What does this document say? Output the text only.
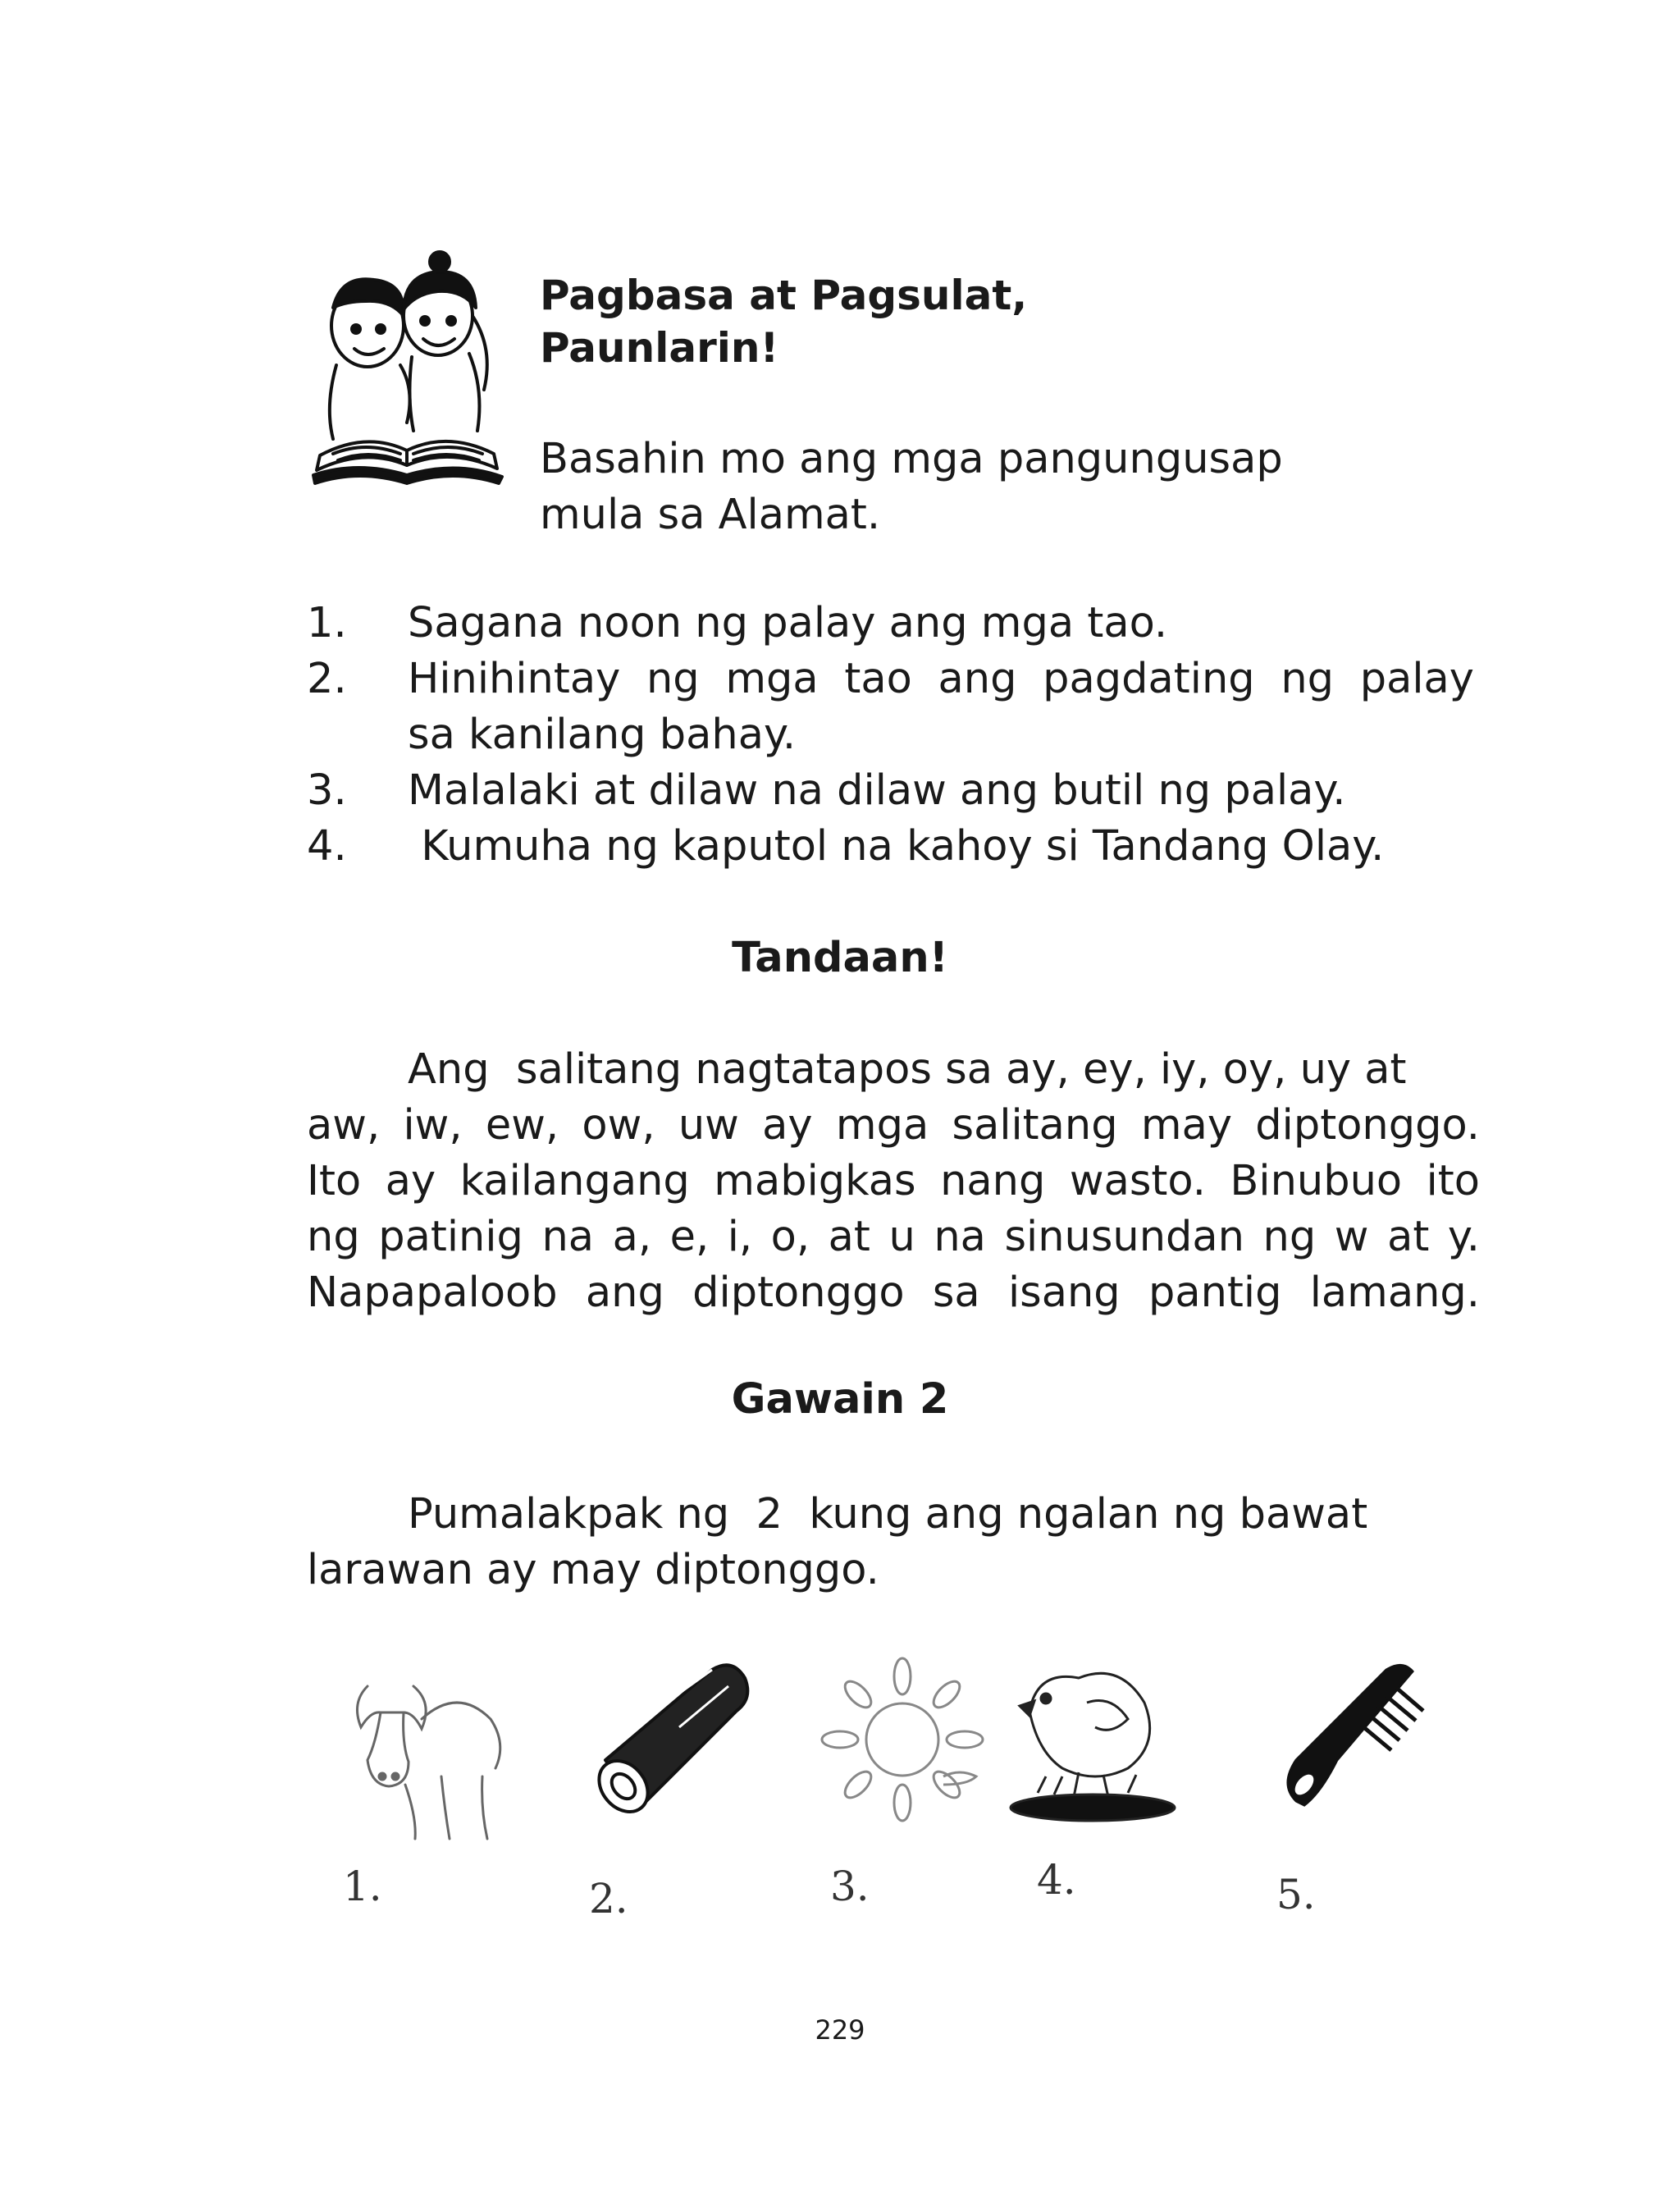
Pagbasa at Pagsulat,
Paunlarin!
Basahin mo ang mga pangungusap
mula sa Alamat.
1. Sagana noon ng palay ang mga tao.
2. Hinihintay ng mga tao ang pagdating ng palay
sa kanilang bahay.
3. Malalaki at dilaw na dilaw ang butil ng palay.
4. Kumuha ng kaputol na kahoy si Tandang Olay.
Tandaan!
Ang  salitang nagtatapos sa ay, ey, iy, oy, uy at
aw, iw, ew, ow, uw ay mga salitang may diptonggo.
Ito ay kailangang mabigkas nang wasto. Binubuo ito
ng patinig na a, e, i, o, at u na sinusundan ng w at y.
Napapaloob ang diptonggo sa isang pantig lamang.
Gawain 2
Pumalakpak ng  2  kung ang ngalan ng bawat
larawan ay may diptonggo.
1.	2.	3.	4.	5.
229
